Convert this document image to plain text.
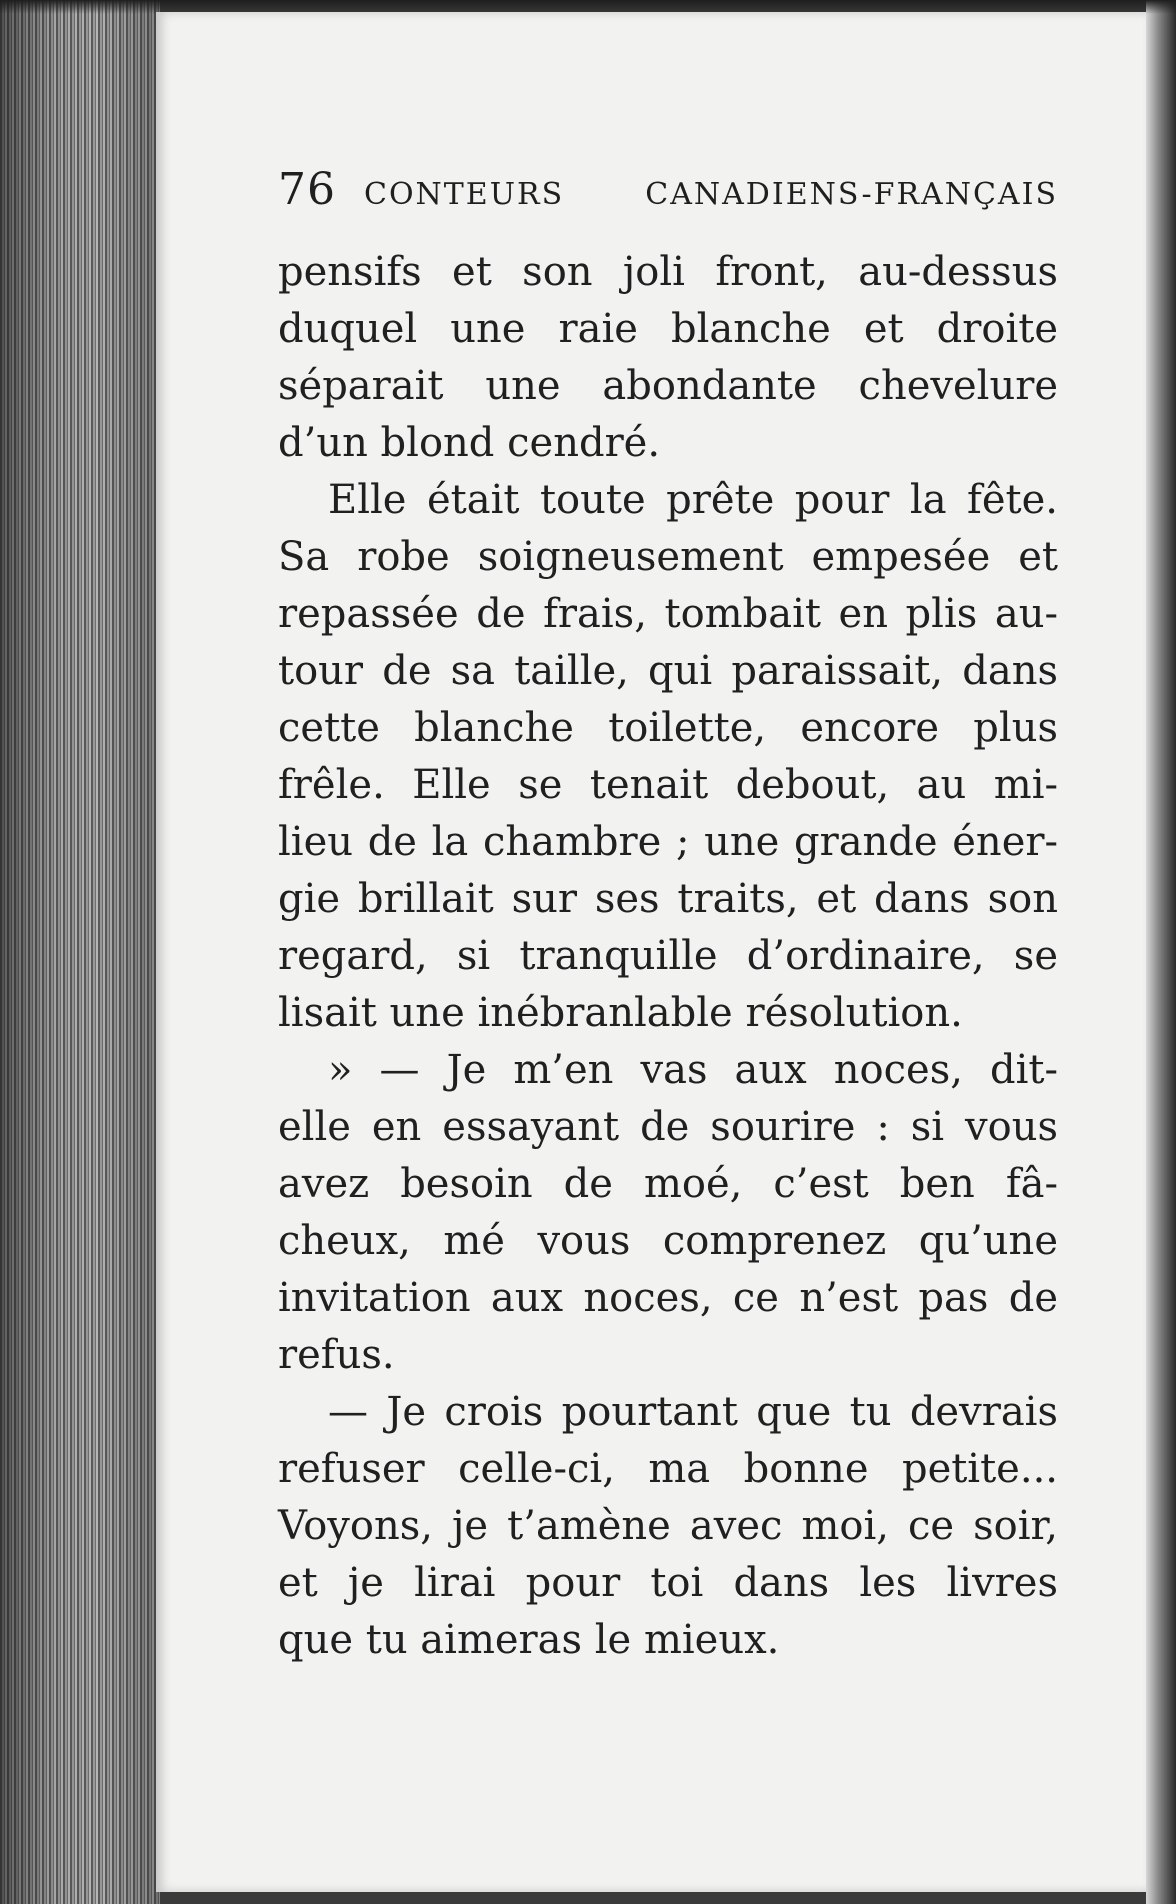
76 CONTEURS CANADIENS-FRANÇAIS
pensifs et son joli front, au-dessus
duquel une raie blanche et droite
séparait une abondante chevelure
d’un blond cendré.
Elle était toute prête pour la fête.
Sa robe soigneusement empesée et
repassée de frais, tombait en plis au-
tour de sa taille, qui paraissait, dans
cette blanche toilette, encore plus
frêle. Elle se tenait debout, au mi-
lieu de la chambre ; une grande éner-
gie brillait sur ses traits, et dans son
regard, si tranquille d’ordinaire, se
lisait une inébranlable résolution.
» — Je m’en vas aux noces, dit-
elle en essayant de sourire : si vous
avez besoin de moé, c’est ben fâ-
cheux, mé vous comprenez qu’une
invitation aux noces, ce n’est pas de
refus.
— Je crois pourtant que tu devrais
refuser celle-ci, ma bonne petite...
Voyons, je t’amène avec moi, ce soir,
et je lirai pour toi dans les livres
que tu aimeras le mieux.
